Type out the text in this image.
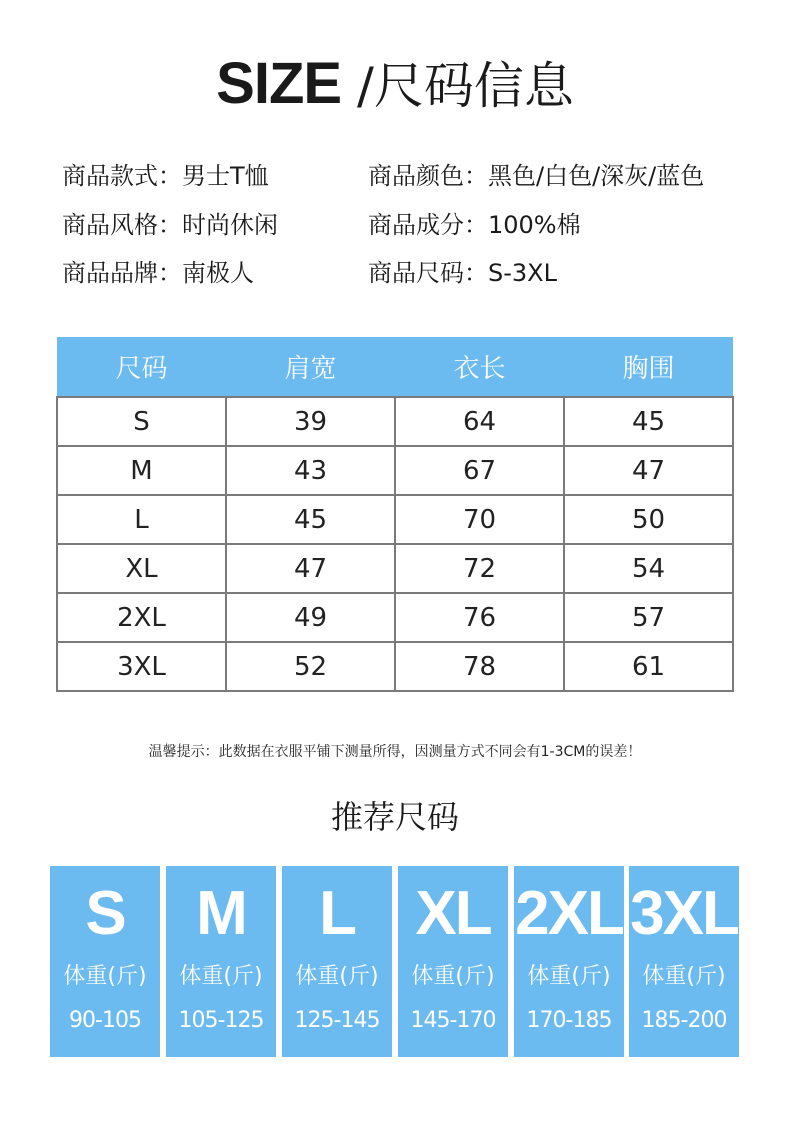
SIZE /尺码信息
商品款式：男士T恤	商品颜色：黑色/白色/深灰/蓝色
商品风格：时尚休闲	商品成分：100%棉
商品品牌：南极人	商品尺码：S-3XL
尺码	肩宽	衣长	胸围
S	39	64	45
M	43	67	47
L	45	70	50
XL	47	72	54
2XL	49	76	57
3XL	52	78	61
温馨提示：此数据在衣服平铺下测量所得，因测量方式不同会有1-3CM的误差！
推荐尺码
S
体重(斤)
90-105
M
体重(斤)
105-125
L
体重(斤)
125-145
XL
体重(斤)
145-170
2XL
体重(斤)
170-185
3XL
体重(斤)
185-200
